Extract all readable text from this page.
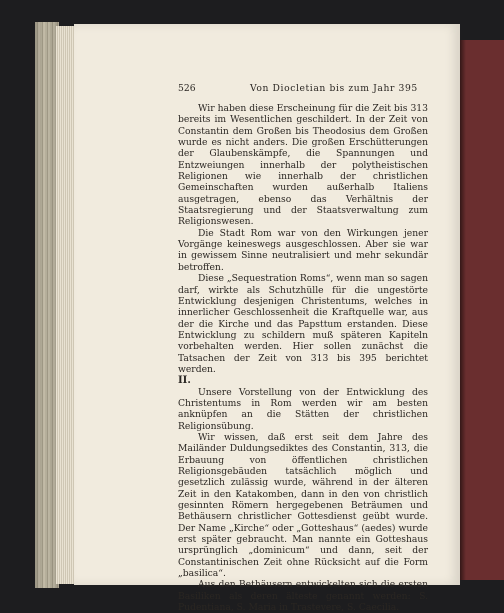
526	Von Diocletian bis zum Jahr 395

Wir haben diese Erscheinung für die Zeit bis 313 bereits im Wesentlichen geschildert. In der Zeit von Constantin dem Großen bis Theodosius dem Großen wurde es nicht anders. Die großen Erschütterungen der Glaubenskämpfe, die Spannungen und Entzweiungen innerhalb der polytheistischen Religionen wie innerhalb der christlichen Gemeinschaften wurden außerhalb Italiens ausgetragen, ebenso das Verhältnis der Staatsregierung und der Staatsverwaltung zum Religionswesen.

Die Stadt Rom war von den Wirkungen jener Vorgänge keineswegs ausgeschlossen. Aber sie war in gewissem Sinne neutralisiert und mehr sekundär betroffen.

Diese „Sequestration Roms“, wenn man so sagen darf, wirkte als Schutzhülle für die ungestörte Entwicklung desjenigen Christentums, welches in innerlicher Geschlossenheit die Kraftquelle war, aus der die Kirche und das Papsttum erstanden. Diese Entwicklung zu schildern muß späteren Kapiteln vorbehalten werden. Hier sollen zunächst die Tatsachen der Zeit von 313 bis 395 berichtet werden.

II.

Unsere Vorstellung von der Entwicklung des Christentums in Rom werden wir am besten anknüpfen an die Stätten der christlichen Religionsübung.

Wir wissen, daß erst seit dem Jahre des Mailänder Duldungsediktes des Constantin, 313, die Erbauung von öffentlichen christlichen Religionsgebäuden tatsächlich möglich und gesetzlich zulässig wurde, während in der älteren Zeit in den Katakomben, dann in den von christlich gesinnten Römern hergegebenen Beträumen und Bethäusern christlicher Gottesdienst geübt wurde. Der Name „Kirche“ oder „Gotteshaus“ (aedes) wurde erst später gebraucht. Man nannte ein Gotteshaus ursprünglich „dominicum“ und dann, seit der Constantinischen Zeit ohne Rücksicht auf die Form „basilica“.

Aus den Bethäusern entwickelten sich die ersten Basiliken als deren älteste genannt werden: S. Pudentiana, S. Maria in Trastevere, S. Caecilia.
